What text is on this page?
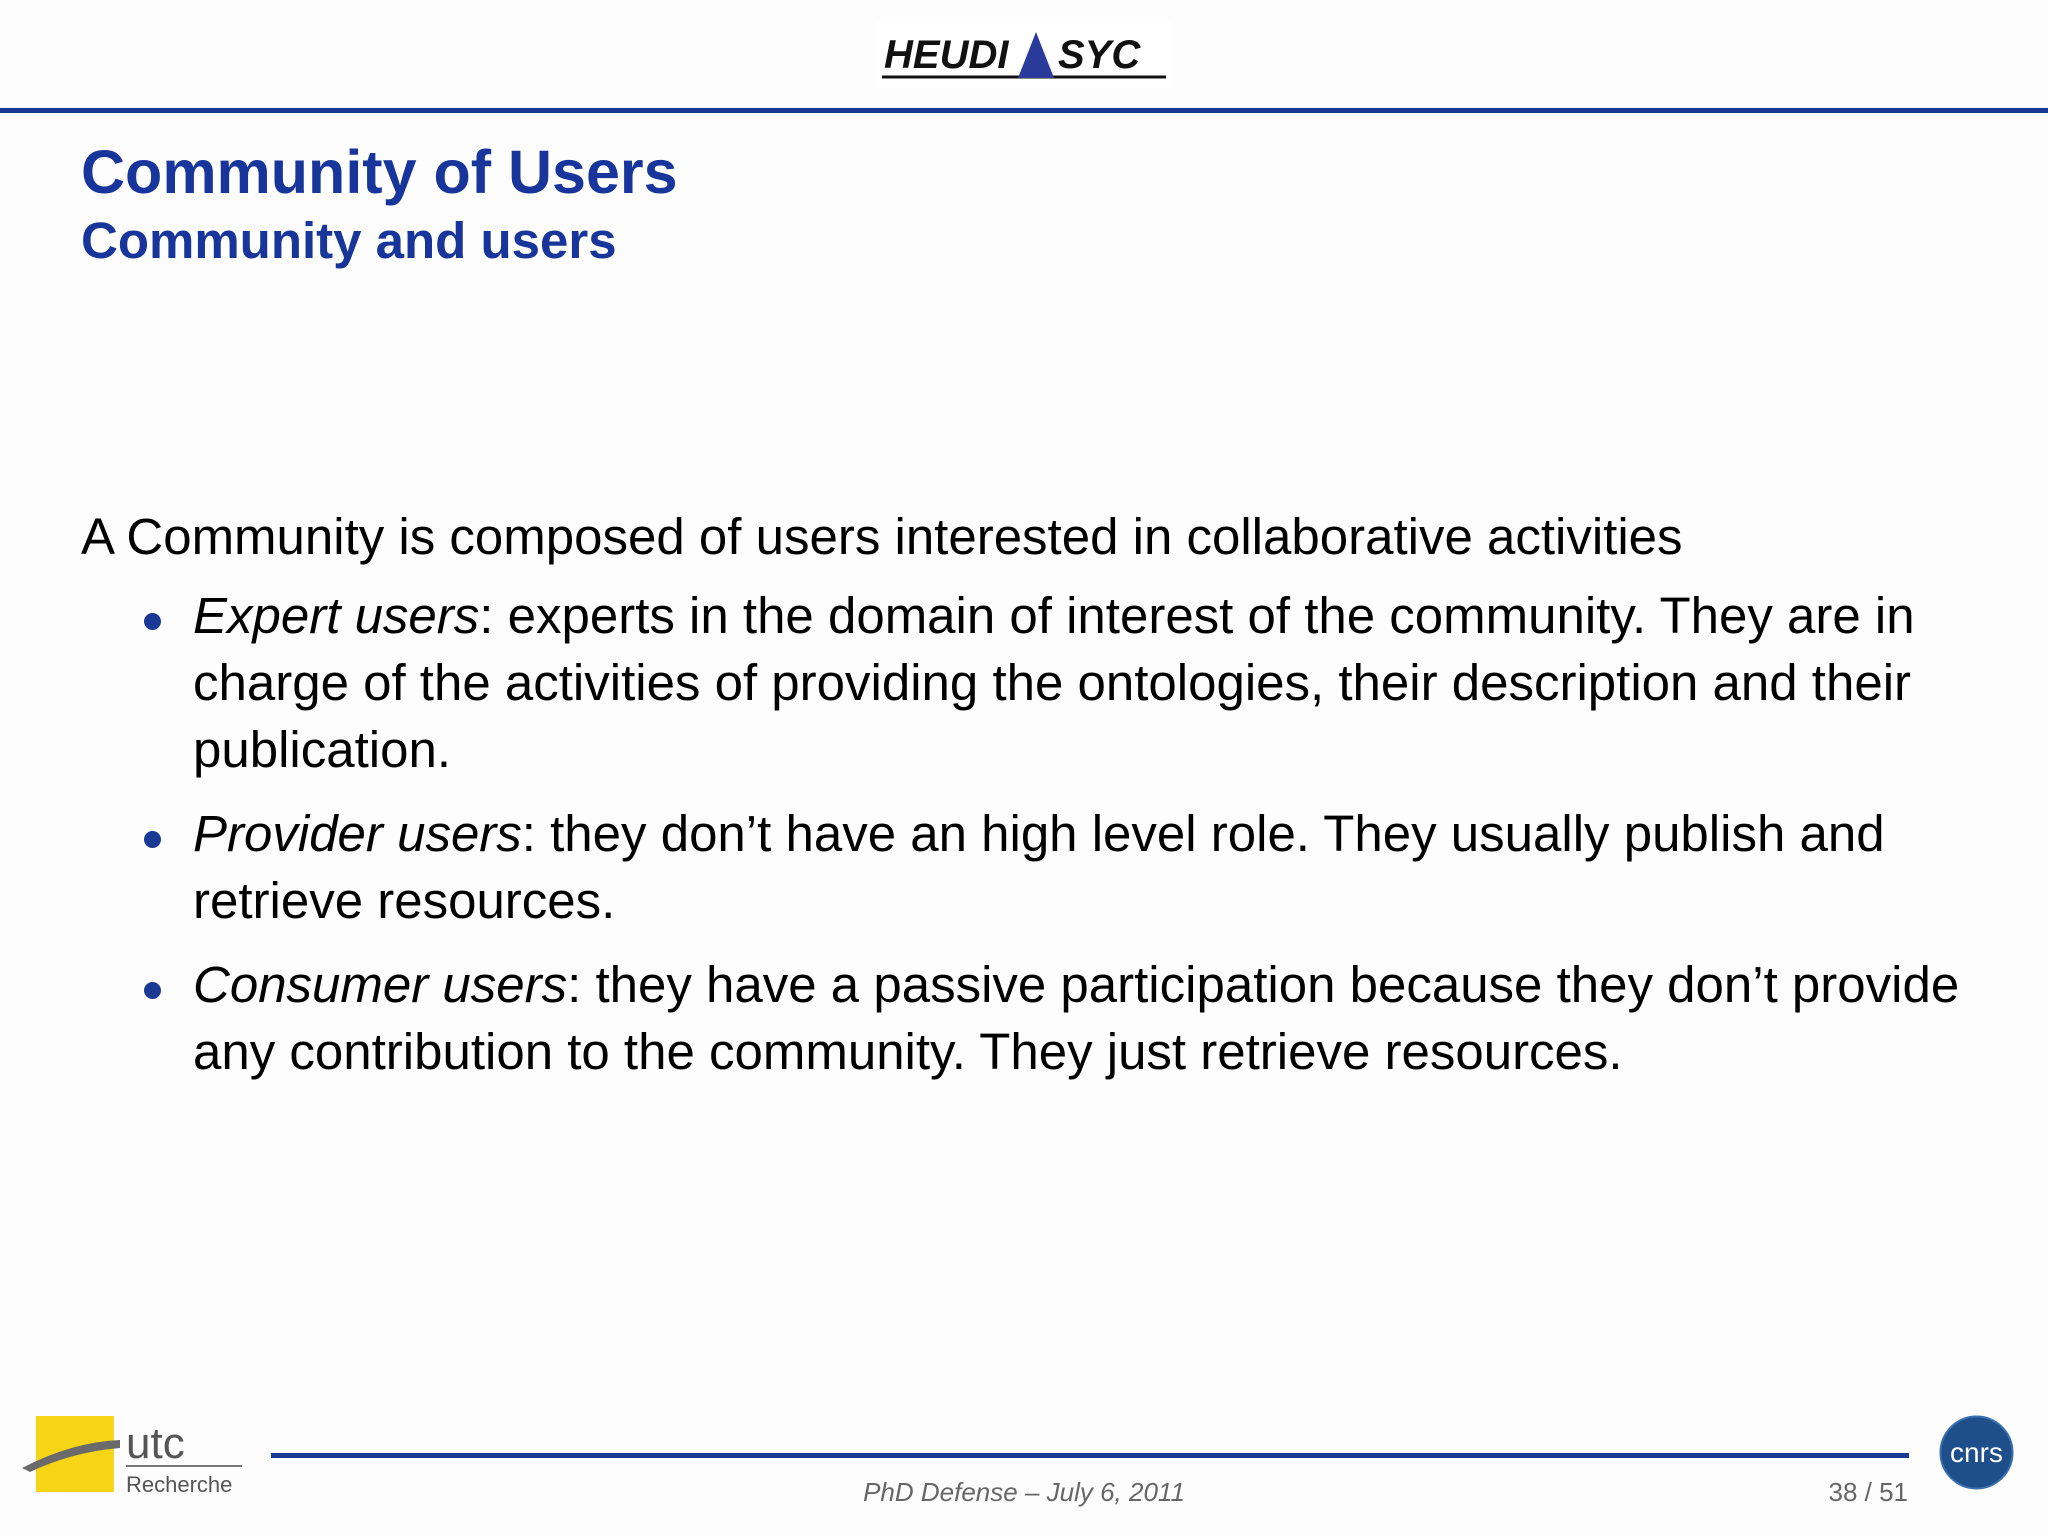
HEUDI SYC
Community of Users
Community and users

A Community is composed of users interested in collaborative activities

Expert users: experts in the domain of interest of the community. They are in charge of the activities of providing the ontologies, their description and their publication.
Provider users: they don’t have an high level role. They usually publish and retrieve resources.
Consumer users: they have a passive participation because they don’t provide any contribution to the community. They just retrieve resources.
utc
Recherche	PhD Defense – July 6, 2011	38 / 51
cnrs
